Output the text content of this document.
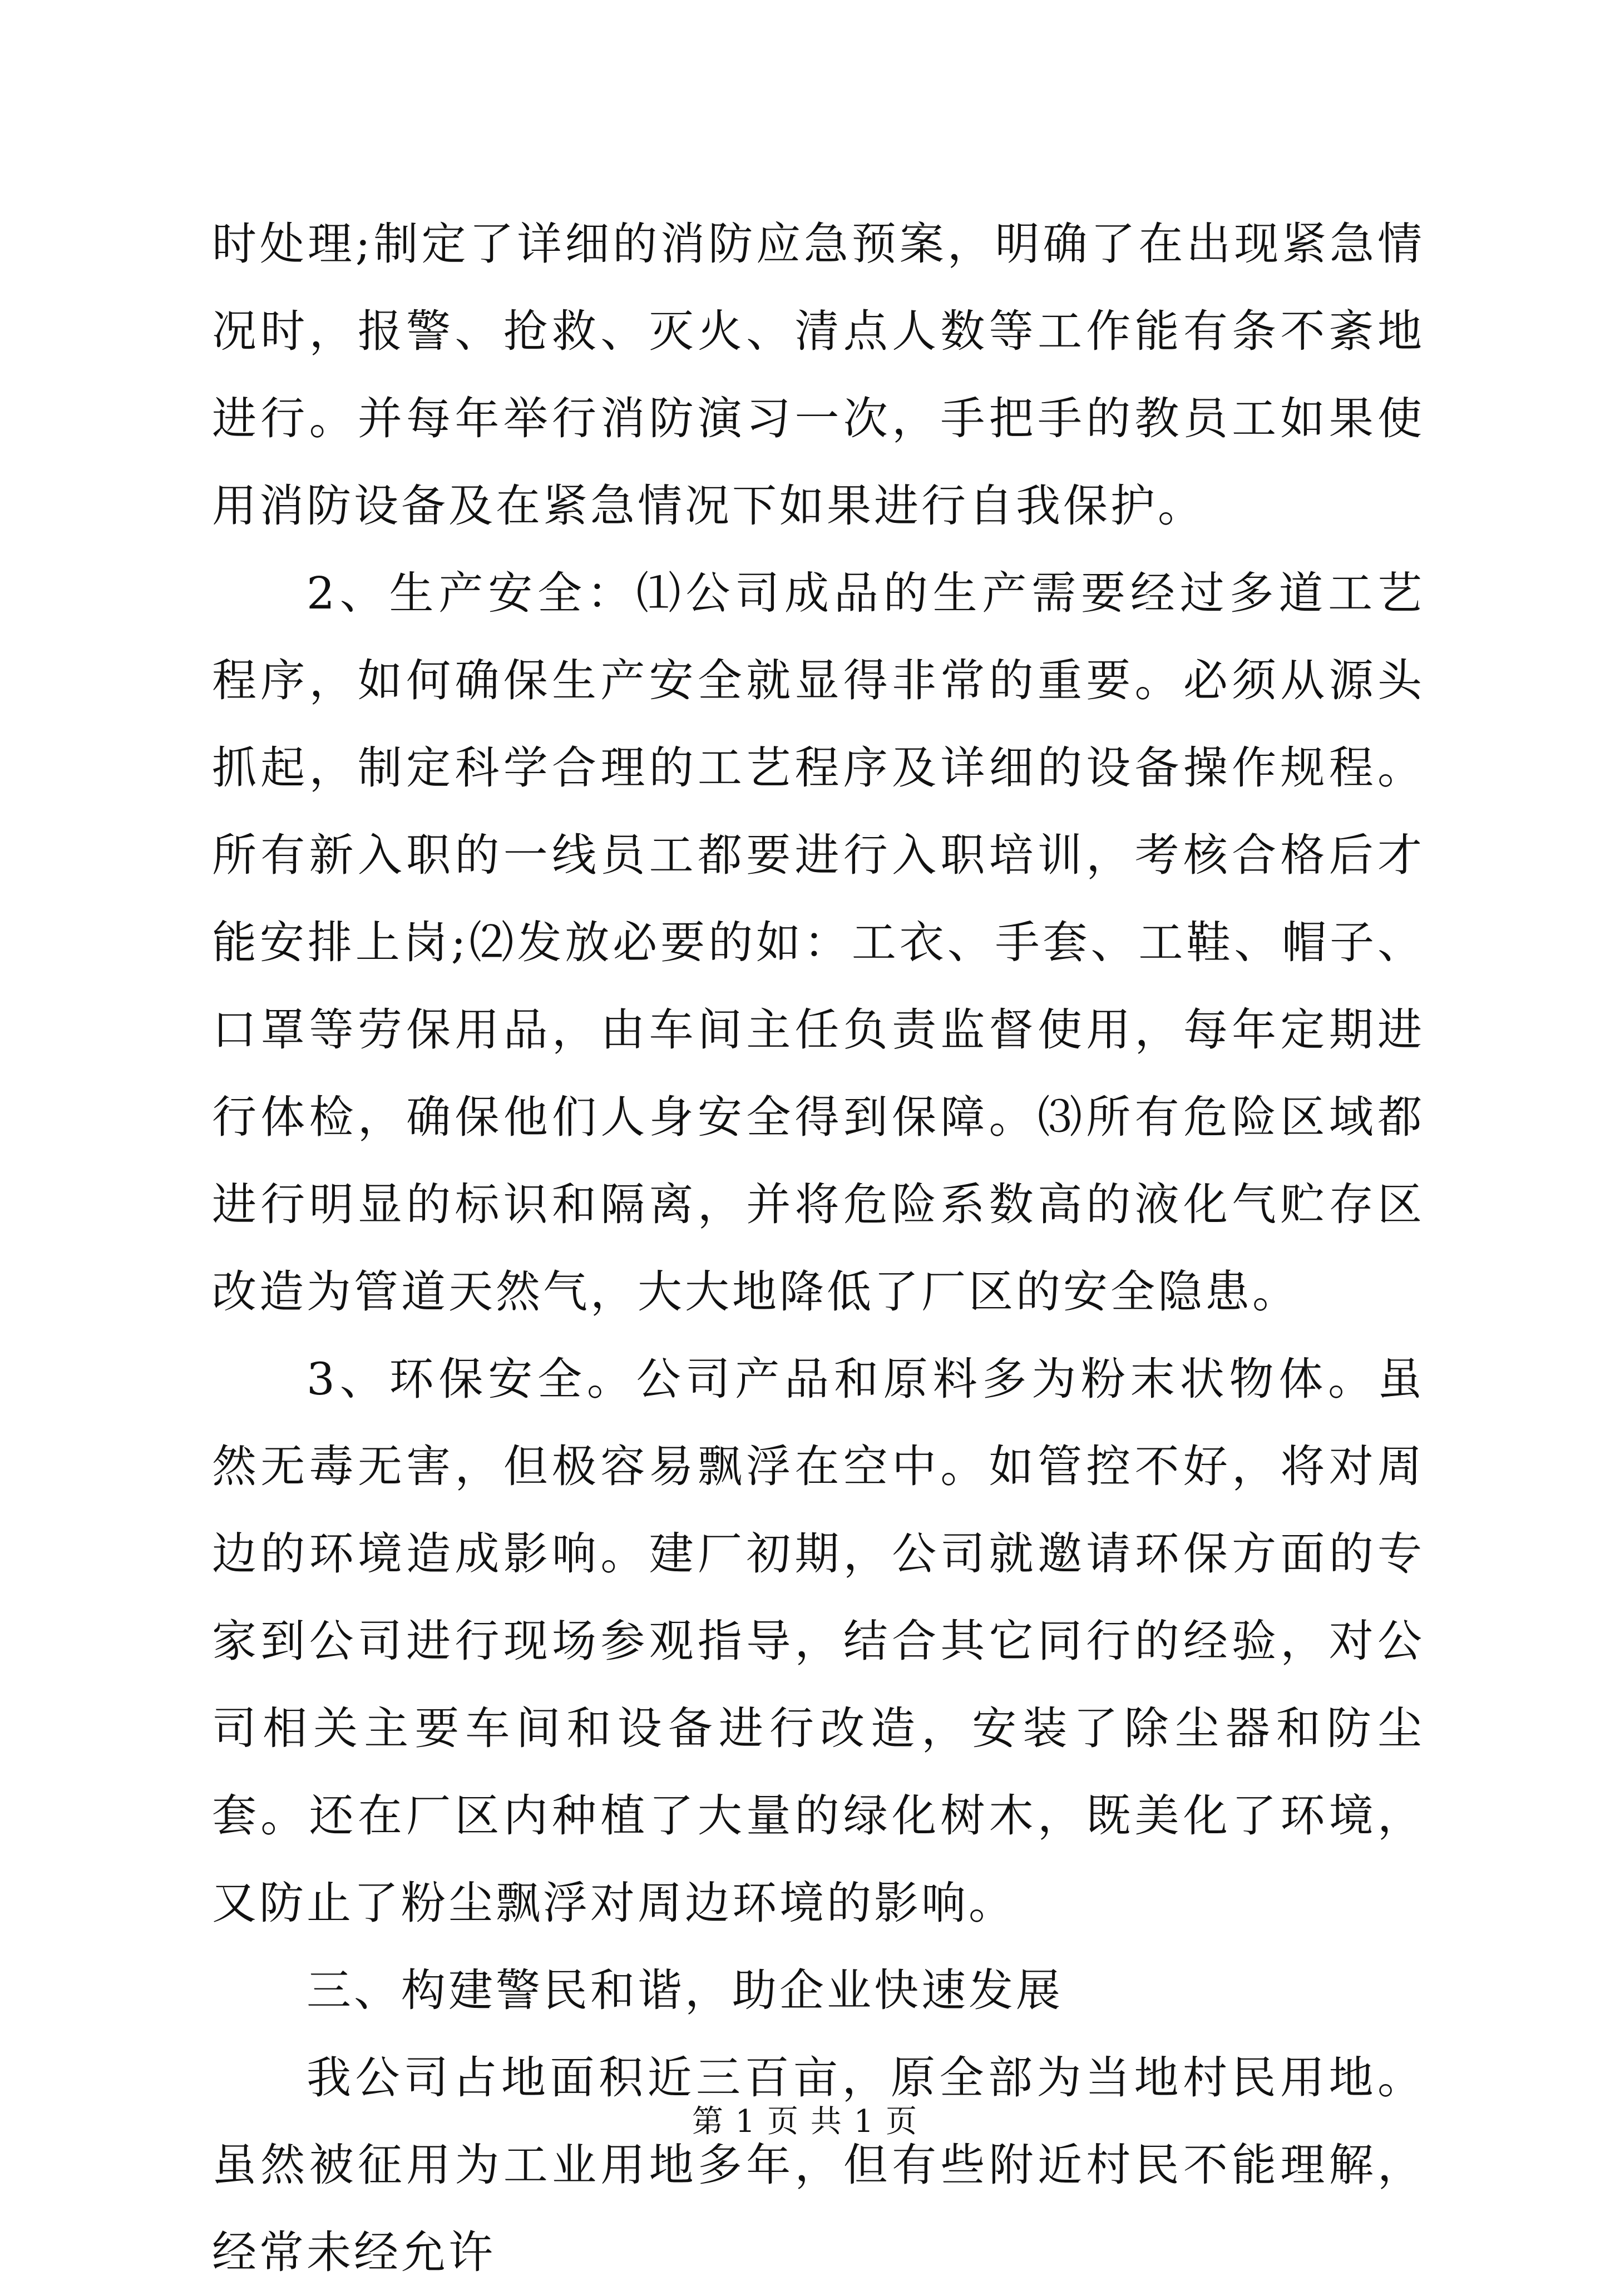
时处理;制定了详细的消防应急预案，明确了在出现紧急情况时，报警、抢救、灭火、清点人数等工作能有条不紊地进行。并每年举行消防演习一次，手把手的教员工如果使用消防设备及在紧急情况下如果进行自我保护。

2、生产安全：⑴公司成品的生产需要经过多道工艺程序，如何确保生产安全就显得非常的重要。必须从源头抓起，制定科学合理的工艺程序及详细的设备操作规程。所有新入职的一线员工都要进行入职培训，考核合格后才能安排上岗;⑵发放必要的如：工衣、手套、工鞋、帽子、口罩等劳保用品，由车间主任负责监督使用，每年定期进行体检，确保他们人身安全得到保障。⑶所有危险区域都进行明显的标识和隔离，并将危险系数高的液化气贮存区改造为管道天然气，大大地降低了厂区的安全隐患。

3、环保安全。公司产品和原料多为粉末状物体。虽然无毒无害，但极容易飘浮在空中。如管控不好，将对周边的环境造成影响。建厂初期，公司就邀请环保方面的专家到公司进行现场参观指导，结合其它同行的经验，对公司相关主要车间和设备进行改造，安装了除尘器和防尘套。还在厂区内种植了大量的绿化树木，既美化了环境，又防止了粉尘飘浮对周边环境的影响。

三、构建警民和谐，助企业快速发展

我公司占地面积近三百亩，原全部为当地村民用地。虽然被征用为工业用地多年，但有些附近村民不能理解，经常未经允许

第 1 页 共 1 页
